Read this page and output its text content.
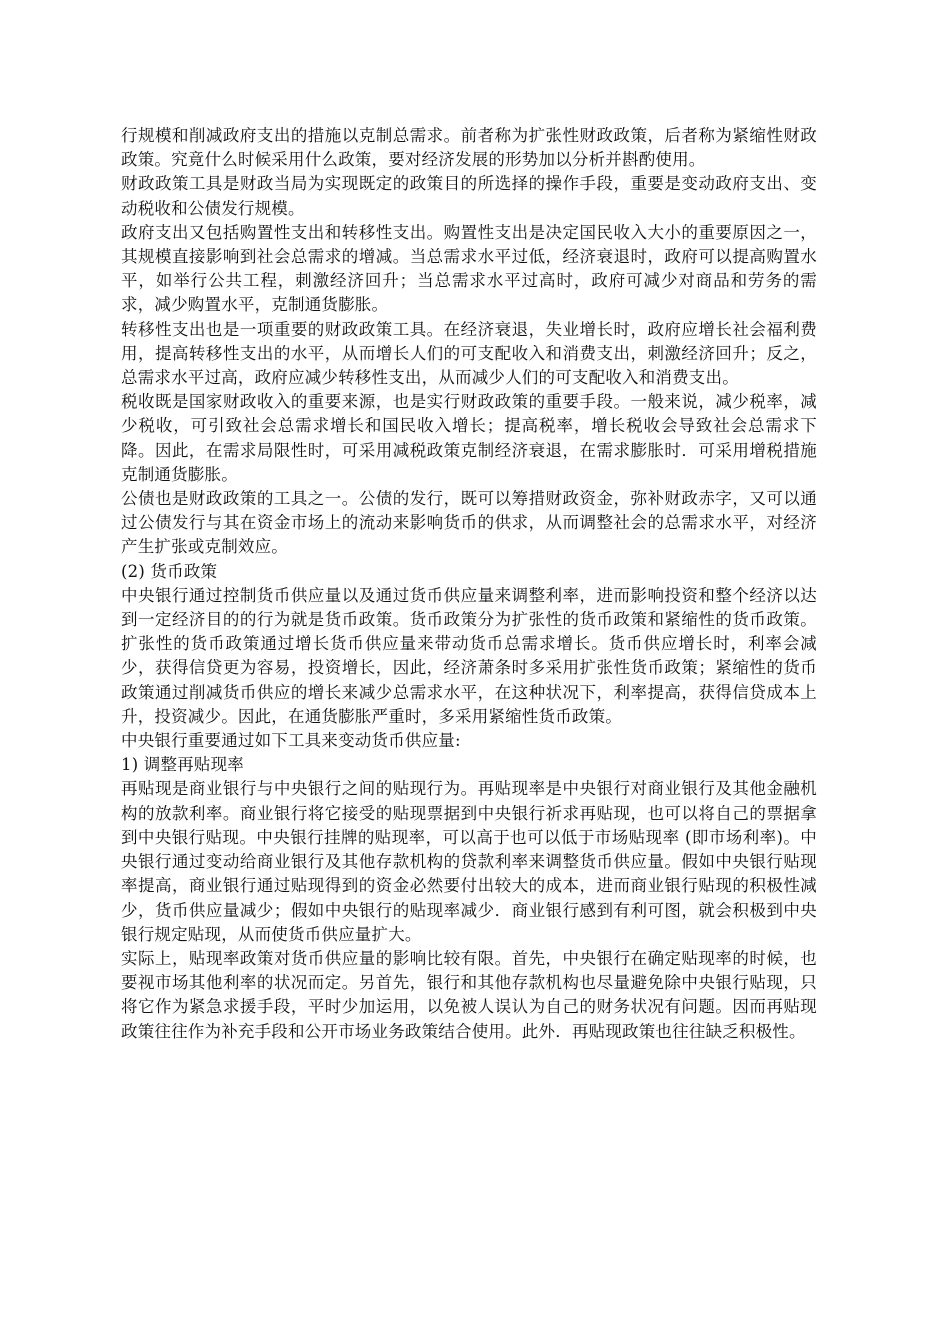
行规模和削减政府支出的措施以克制总需求。前者称为扩张性财政政策，后者称为紧缩性财政政策。究竟什么时候采用什么政策，要对经济发展的形势加以分析并斟酌使用。

财政政策工具是财政当局为实现既定的政策目的所选择的操作手段，重要是变动政府支出、变动税收和公债发行规模。

政府支出又包括购置性支出和转移性支出。购置性支出是决定国民收入大小的重要原因之一，其规模直接影响到社会总需求的增减。当总需求水平过低，经济衰退时，政府可以提高购置水平，如举行公共工程，刺激经济回升；当总需求水平过高时，政府可减少对商品和劳务的需求，减少购置水平，克制通货膨胀。

转移性支出也是一项重要的财政政策工具。在经济衰退，失业增长时，政府应增长社会福利费用，提高转移性支出的水平，从而增长人们的可支配收入和消费支出，刺激经济回升；反之，总需求水平过高，政府应减少转移性支出，从而减少人们的可支配收入和消费支出。

税收既是国家财政收入的重要来源，也是实行财政政策的重要手段。一般来说，减少税率，减少税收，可引致社会总需求增长和国民收入增长；提高税率，增长税收会导致社会总需求下降。因此，在需求局限性时，可采用减税政策克制经济衰退，在需求膨胀时．可采用增税措施克制通货膨胀。

公债也是财政政策的工具之一。公债的发行，既可以筹措财政资金，弥补财政赤字，又可以通过公债发行与其在资金市场上的流动来影响货币的供求，从而调整社会的总需求水平，对经济产生扩张或克制效应。

(2) 货币政策

中央银行通过控制货币供应量以及通过货币供应量来调整利率，进而影响投资和整个经济以达到一定经济目的的行为就是货币政策。货币政策分为扩张性的货币政策和紧缩性的货币政策。扩张性的货币政策通过增长货币供应量来带动货币总需求增长。货币供应增长时，利率会减少，获得信贷更为容易，投资增长，因此，经济萧条时多采用扩张性货币政策；紧缩性的货币政策通过削减货币供应的增长来减少总需求水平，在这种状况下，利率提高，获得信贷成本上升，投资减少。因此，在通货膨胀严重时，多采用紧缩性货币政策。

中央银行重要通过如下工具来变动货币供应量:

1) 调整再贴现率

再贴现是商业银行与中央银行之间的贴现行为。再贴现率是中央银行对商业银行及其他金融机构的放款利率。商业银行将它接受的贴现票据到中央银行祈求再贴现，也可以将自己的票据拿到中央银行贴现。中央银行挂牌的贴现率，可以高于也可以低于市场贴现率 (即市场利率)。中央银行通过变动给商业银行及其他存款机构的贷款利率来调整货币供应量。假如中央银行贴现率提高，商业银行通过贴现得到的资金必然要付出较大的成本，进而商业银行贴现的积极性减少，货币供应量减少；假如中央银行的贴现率减少．商业银行感到有利可图，就会积极到中央银行规定贴现，从而使货币供应量扩大。

实际上，贴现率政策对货币供应量的影响比较有限。首先，中央银行在确定贴现率的时候，也要视市场其他利率的状况而定。另首先，银行和其他存款机构也尽量避免除中央银行贴现，只将它作为紧急求援手段，平时少加运用，以免被人误认为自己的财务状况有问题。因而再贴现政策往往作为补充手段和公开市场业务政策结合使用。此外．再贴现政策也往往缺乏积极性。
